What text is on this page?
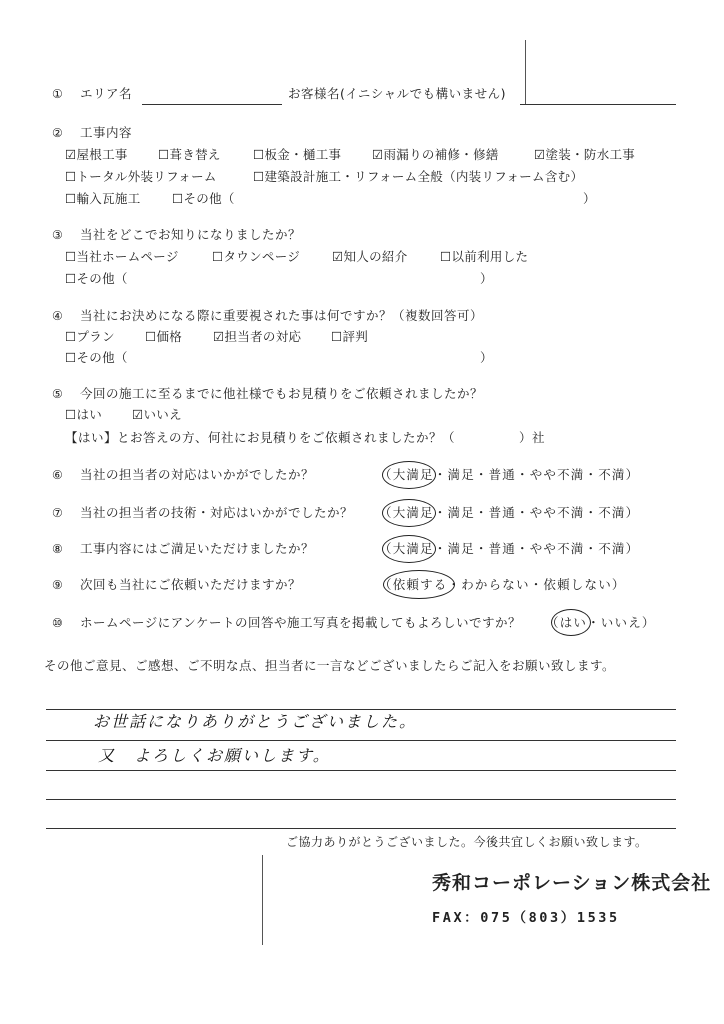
① エリア名	お客様名(イニシャルでも構いません)
② 工事内容
☑屋根工事 ☐葺き替え	☐板金・樋工事 ☑雨漏りの補修・修繕	☑塗装・防水工事
☐トータル外装リフォーム	☐建築設計施工・リフォーム全般（内装リフォーム含む）
☐輸入瓦施工	☐その他（	）
③ 当社をどこでお知りになりましたか？
☐当社ホームページ	☐タウンページ	☑知人の紹介	☐以前利用した
☐その他（	）
④ 当社にお決めになる際に重要視された事は何ですか？（複数回答可）
☐プラン ☐価格 ☑担当者の対応 ☐評判
☐その他（	）
⑤ 今回の施工に至るまでに他社様でもお見積りをご依頼されましたか？
☐はい ☑いいえ
【はい】とお答えの方、何社にお見積りをご依頼されましたか？（	）社
⑥ 当社の担当者の対応はいかがでしたか？	（大満足・満足・普通・やや不満・不満）
⑦ 当社の担当者の技術・対応はいかがでしたか？ （大満足・満足・普通・やや不満・不満）
⑧ 工事内容にはご満足いただけましたか？	（大満足・満足・普通・やや不満・不満）
⑨ 次回も当社にご依頼いただけますか？	（依頼する・わからない・依頼しない）
⑩ ホームページにアンケートの回答や施工写真を掲載してもよろしいですか？ （はい・いいえ）
その他ご意見、ご感想、ご不明な点、担当者に一言などございましたらご記入をお願い致します。
お世話になりありがとうございました。
又　よろしくお願いします。
ご協力ありがとうございました。今後共宜しくお願い致します。
秀和コーポレーション株式会社
FAX：075（803）1535
